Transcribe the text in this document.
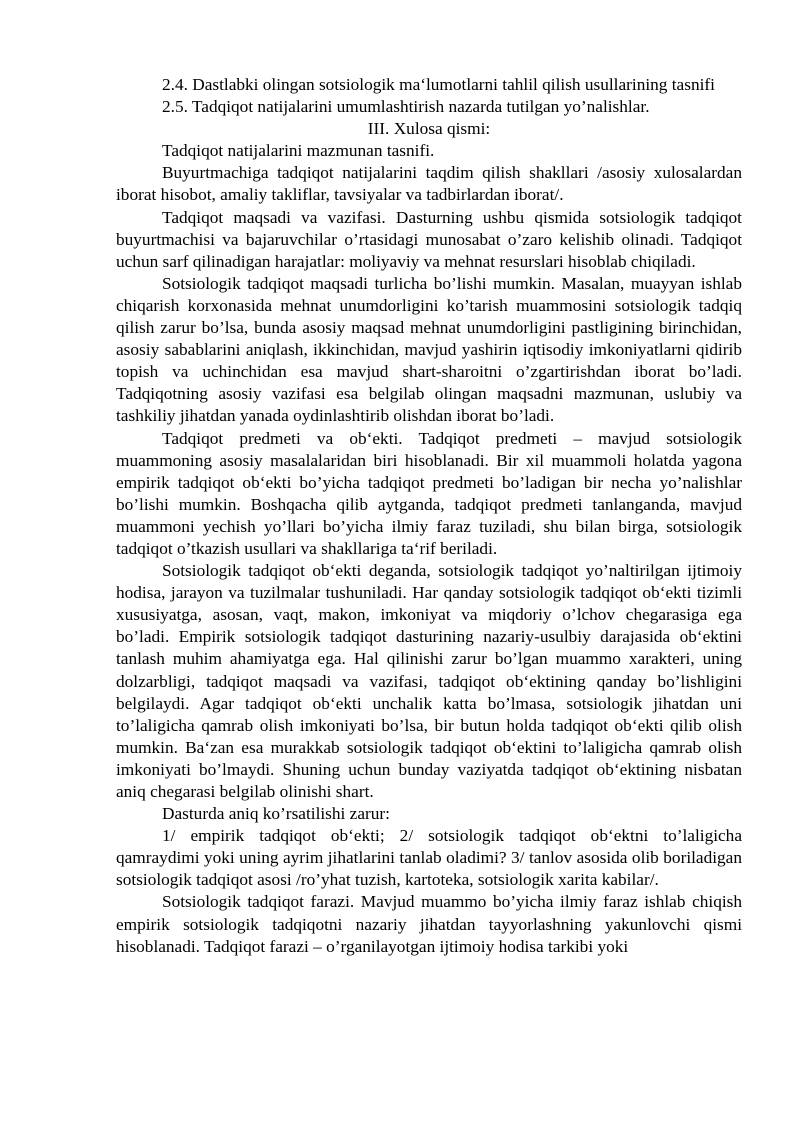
2.4. Dastlabki olingan sotsiologik ma‘lumotlarni tahlil qilish usullarining tasnifi

2.5. Tadqiqot natijalarini umumlashtirish nazarda tutilgan yo’nalishlar.

III. Xulosa qismi:

Tadqiqot natijalarini mazmunan tasnifi.

Buyurtmachiga tadqiqot natijalarini taqdim qilish shakllari /asosiy xulosalardan iborat hisobot, amaliy takliflar, tavsiyalar va tadbirlardan iborat/.

Tadqiqot maqsadi va vazifasi. Dasturning ushbu qismida sotsiologik tadqiqot buyurtmachisi va bajaruvchilar o’rtasidagi munosabat o’zaro kelishib olinadi. Tadqiqot uchun sarf qilinadigan harajatlar: moliyaviy va mehnat resurslari hisoblab chiqiladi.

Sotsiologik tadqiqot maqsadi turlicha bo’lishi mumkin. Masalan, muayyan ishlab chiqarish korxonasida mehnat unumdorligini ko’tarish muammosini sotsiologik tadqiq qilish zarur bo’lsa, bunda asosiy maqsad mehnat unumdorligini pastligining birinchidan, asosiy sabablarini aniqlash, ikkinchidan, mavjud yashirin iqtisodiy imkoniyatlarni qidirib topish va uchinchidan esa mavjud shart-sharoitni o’zgartirishdan iborat bo’ladi. Tadqiqotning asosiy vazifasi esa belgilab olingan maqsadni mazmunan, uslubiy va tashkiliy jihatdan yanada oydinlashtirib olishdan iborat bo’ladi.

Tadqiqot predmeti va ob‘ekti. Tadqiqot predmeti – mavjud sotsiologik muammoning asosiy masalalaridan biri hisoblanadi. Bir xil muammoli holatda yagona empirik tadqiqot ob‘ekti bo’yicha tadqiqot predmeti bo’ladigan bir necha yo’nalishlar bo’lishi mumkin. Boshqacha qilib aytganda, tadqiqot predmeti tanlanganda, mavjud muammoni yechish yo’llari bo’yicha ilmiy faraz tuziladi, shu bilan birga, sotsiologik tadqiqot o’tkazish usullari va shakllariga ta‘rif beriladi.

Sotsiologik tadqiqot ob‘ekti deganda, sotsiologik tadqiqot yo’naltirilgan ijtimoiy hodisa, jarayon va tuzilmalar tushuniladi. Har qanday sotsiologik tadqiqot ob‘ekti tizimli xususiyatga, asosan, vaqt, makon, imkoniyat va miqdoriy o’lchov chegarasiga ega bo’ladi. Empirik sotsiologik tadqiqot dasturining nazariy-usulbiy darajasida ob‘ektini tanlash muhim ahamiyatga ega. Hal qilinishi zarur bo’lgan muammo xarakteri, uning dolzarbligi, tadqiqot maqsadi va vazifasi, tadqiqot ob‘ektining qanday bo’lishligini belgilaydi. Agar tadqiqot ob‘ekti unchalik katta bo’lmasa, sotsiologik jihatdan uni to’laligicha qamrab olish imkoniyati bo’lsa, bir butun holda tadqiqot ob‘ekti qilib olish mumkin. Ba‘zan esa murakkab sotsiologik tadqiqot ob‘ektini to’laligicha qamrab olish imkoniyati bo’lmaydi. Shuning uchun bunday vaziyatda tadqiqot ob‘ektining nisbatan aniq chegarasi belgilab olinishi shart.

Dasturda aniq ko’rsatilishi zarur:

1/ empirik tadqiqot ob‘ekti; 2/ sotsiologik tadqiqot ob‘ektni to’laligicha qamraydimi yoki uning ayrim jihatlarini tanlab oladimi? 3/ tanlov asosida olib boriladigan sotsiologik tadqiqot asosi /ro’yhat tuzish, kartoteka, sotsiologik xarita kabilar/.

Sotsiologik tadqiqot farazi. Mavjud muammo bo’yicha ilmiy faraz ishlab chiqish empirik sotsiologik tadqiqotni nazariy jihatdan tayyorlashning yakunlovchi qismi hisoblanadi. Tadqiqot farazi – o’rganilayotgan ijtimoiy hodisa tarkibi yoki
